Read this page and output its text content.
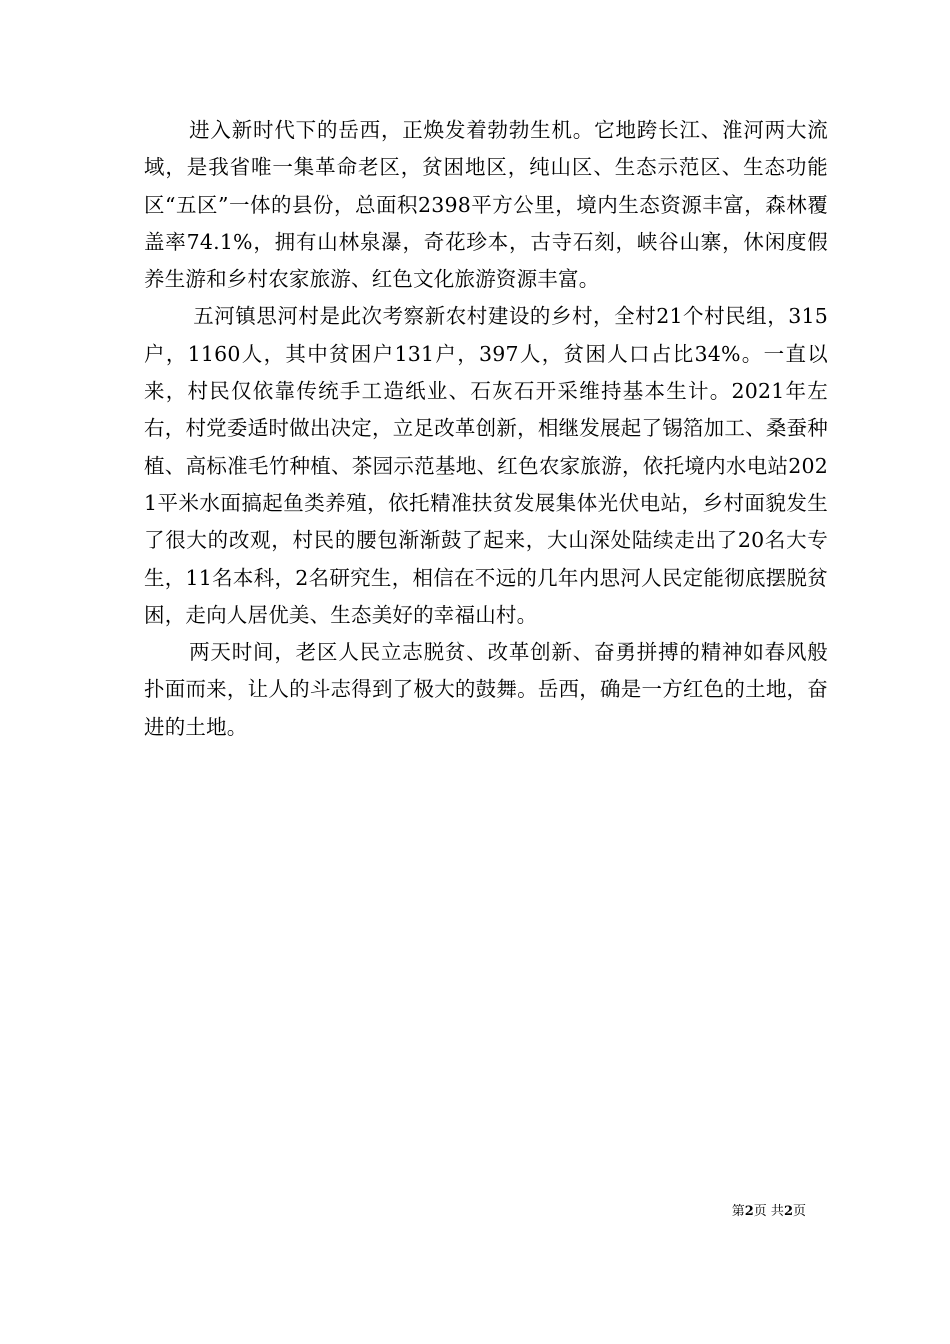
进入新时代下的岳西，正焕发着勃勃生机。它地跨长江、淮河两大流域，是我省唯一集革命老区，贫困地区，纯山区、生态示范区、生态功能区“五区”一体的县份，总面积2398平方公里，境内生态资源丰富，森林覆盖率74.1%，拥有山林泉瀑，奇花珍本，古寺石刻，峡谷山寨，休闲度假养生游和乡村农家旅游、红色文化旅游资源丰富。

五河镇思河村是此次考察新农村建设的乡村，全村21个村民组，315户，1160人，其中贫困户131户，397人，贫困人口占比34%。一直以来，村民仅依靠传统手工造纸业、石灰石开采维持基本生计。2021年左右，村党委适时做出决定，立足改革创新，相继发展起了锡箔加工、桑蚕种植、高标准毛竹种植、茶园示范基地、红色农家旅游，依托境内水电站2021平米水面搞起鱼类养殖，依托精准扶贫发展集体光伏电站，乡村面貌发生了很大的改观，村民的腰包渐渐鼓了起来，大山深处陆续走出了20名大专生，11名本科，2名研究生，相信在不远的几年内思河人民定能彻底摆脱贫困，走向人居优美、生态美好的幸福山村。

两天时间，老区人民立志脱贫、改革创新、奋勇拼搏的精神如春风般扑面而来，让人的斗志得到了极大的鼓舞。岳西，确是一方红色的土地，奋进的土地。

第2页 共2页
